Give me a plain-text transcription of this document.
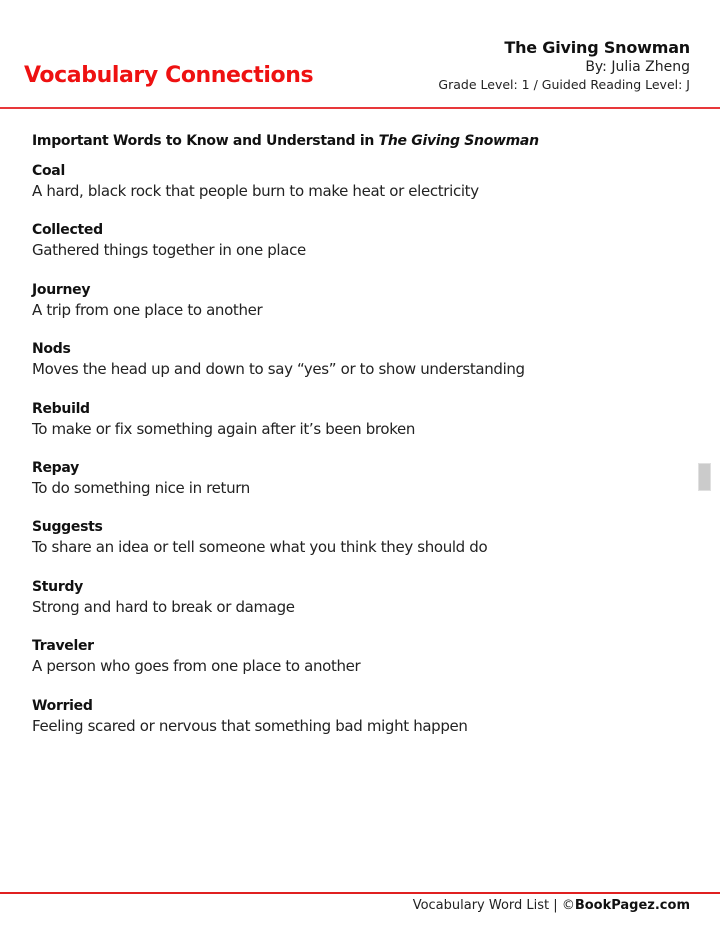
Vocabulary Connections
The Giving Snowman
By: Julia Zheng
Grade Level: 1 / Guided Reading Level: J
Important Words to Know and Understand in The Giving Snowman
Coal
A hard, black rock that people burn to make heat or electricity
Collected
Gathered things together in one place
Journey
A trip from one place to another
Nods
Moves the head up and down to say “yes” or to show understanding
Rebuild
To make or fix something again after it’s been broken
Repay
To do something nice in return
Suggests
To share an idea or tell someone what you think they should do
Sturdy
Strong and hard to break or damage
Traveler
A person who goes from one place to another
Worried
Feeling scared or nervous that something bad might happen
Vocabulary Word List | ©BookPagez.com
